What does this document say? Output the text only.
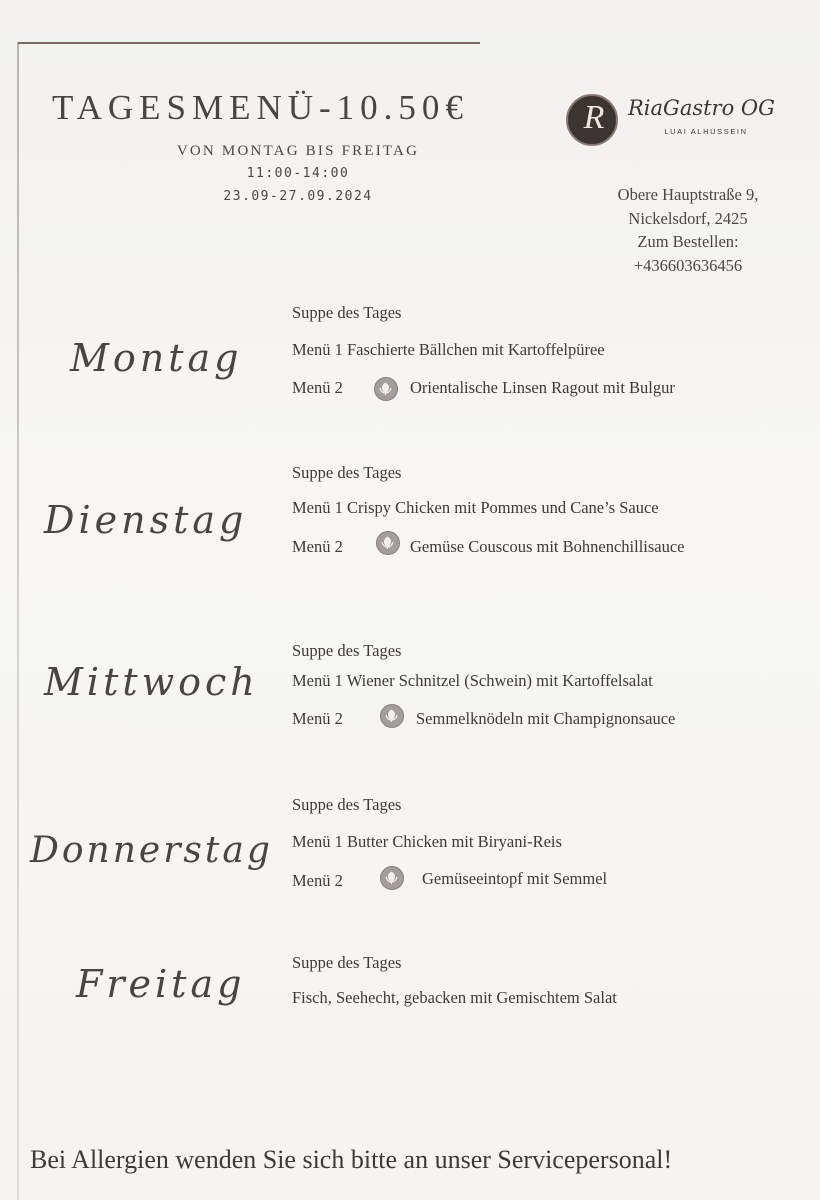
TAGESMENÜ-10.50€
VON MONTAG BIS FREITAG
11:00-14:00
23.09-27.09.2024
R	RiaGastro OG
LUAI ALHUSSEIN
Obere Hauptstraße 9,
Nickelsdorf, 2425
Zum Bestellen:
+436603636456
Montag
Suppe des Tages
Menü 1 Faschierte Bällchen mit Kartoffelpüree
Menü 2	Orientalische Linsen Ragout mit Bulgur
Dienstag
Suppe des Tages
Menü 1 Crispy Chicken mit Pommes und Cane’s Sauce
Menü 2	Gemüse Couscous mit Bohnenchillisauce
Mittwoch
Suppe des Tages
Menü 1 Wiener Schnitzel (Schwein) mit Kartoffelsalat
Menü 2	Semmelknödeln mit Champignonsauce
Donnerstag
Suppe des Tages
Menü 1 Butter Chicken mit Biryani-Reis
Menü 2	Gemüseeintopf mit Semmel
Freitag	Suppe des Tages
Fisch, Seehecht, gebacken mit Gemischtem Salat
Bei Allergien wenden Sie sich bitte an unser Servicepersonal!
